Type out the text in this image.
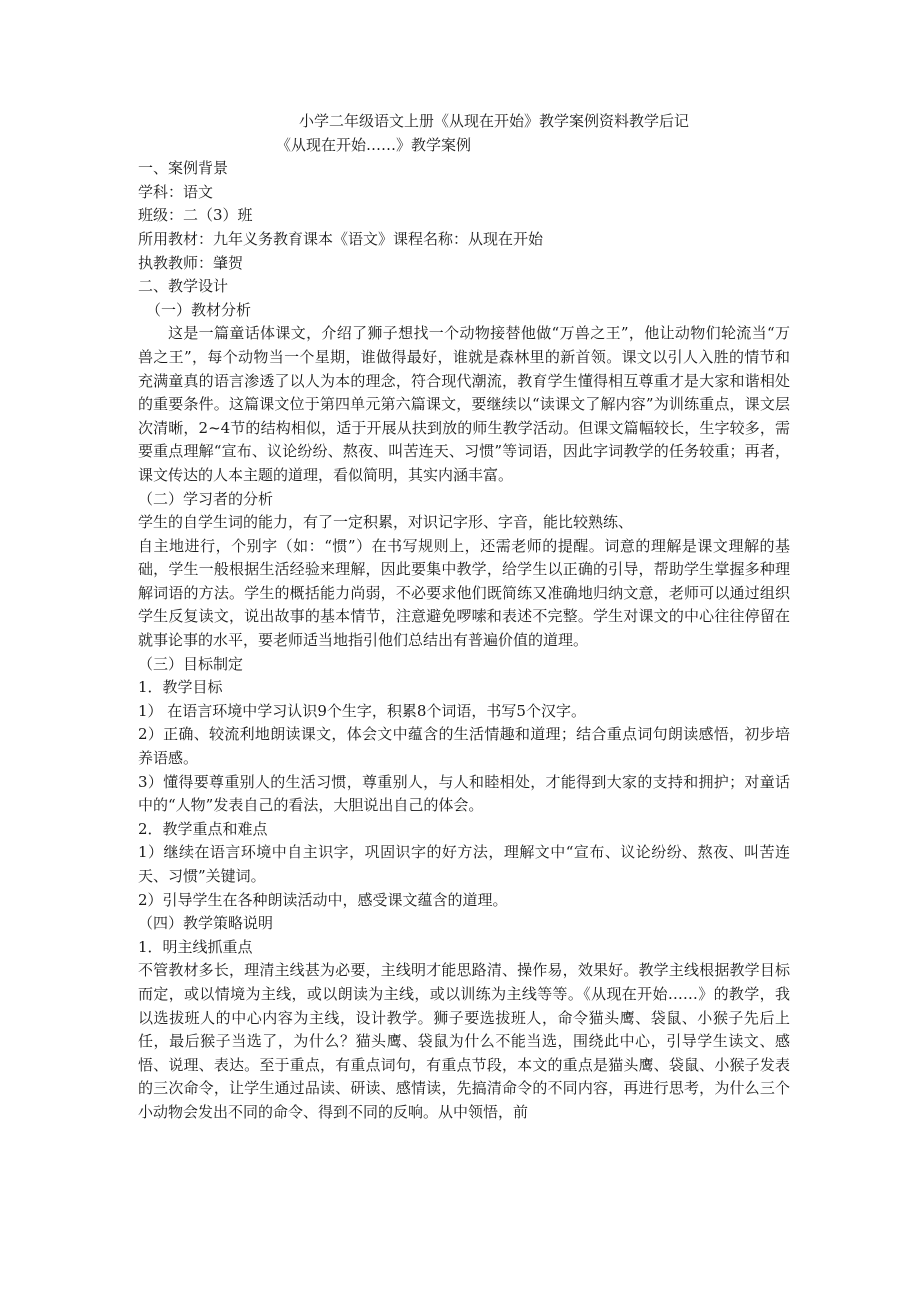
小学二年级语文上册《从现在开始》教学案例资料教学后记
《从现在开始……》教学案例
一、案例背景
学科：语文
班级：二（3）班
所用教材：九年义务教育课本《语文》课程名称：从现在开始
执教教师：肇贺
二、教学设计
（一）教材分析
这是一篇童话体课文，介绍了狮子想找一个动物接替他做“万兽之王”，他让动物们轮流当“万兽之王”，每个动物当一个星期，谁做得最好，谁就是森林里的新首领。课文以引人入胜的情节和充满童真的语言渗透了以人为本的理念，符合现代潮流，教育学生懂得相互尊重才是大家和谐相处的重要条件。这篇课文位于第四单元第六篇课文，要继续以“读课文了解内容”为训练重点，课文层次清晰，2~4节的结构相似，适于开展从扶到放的师生教学活动。但课文篇幅较长，生字较多，需要重点理解“宣布、议论纷纷、熬夜、叫苦连天、习惯”等词语，因此字词教学的任务较重；再者，课文传达的人本主题的道理，看似简明，其实内涵丰富。
（二）学习者的分析
学生的自学生词的能力，有了一定积累，对识记字形、字音，能比较熟练、
自主地进行，个别字（如：“惯”）在书写规则上，还需老师的提醒。词意的理解是课文理解的基础，学生一般根据生活经验来理解，因此要集中教学，给学生以正确的引导，帮助学生掌握多种理解词语的方法。学生的概括能力尚弱，不必要求他们既简练又准确地归纳文意，老师可以通过组织学生反复读文，说出故事的基本情节，注意避免啰嗦和表述不完整。学生对课文的中心往往停留在就事论事的水平，要老师适当地指引他们总结出有普遍价值的道理。
（三）目标制定
1．教学目标
1） 在语言环境中学习认识9个生字，积累8个词语，书写5个汉字。
2）正确、较流利地朗读课文，体会文中蕴含的生活情趣和道理；结合重点词句朗读感悟，初步培养语感。
3）懂得要尊重别人的生活习惯，尊重别人，与人和睦相处，才能得到大家的支持和拥护；对童话中的“人物”发表自己的看法，大胆说出自己的体会。
2．教学重点和难点
1）继续在语言环境中自主识字，巩固识字的好方法，理解文中“宣布、议论纷纷、熬夜、叫苦连天、习惯”关键词。
2）引导学生在各种朗读活动中，感受课文蕴含的道理。
（四）教学策略说明
1．明主线抓重点
不管教材多长，理清主线甚为必要，主线明才能思路清、操作易，效果好。教学主线根据教学目标而定，或以情境为主线，或以朗读为主线，或以训练为主线等等。《从现在开始……》的教学，我以选拔班人的中心内容为主线，设计教学。狮子要选拔班人，命令猫头鹰、袋鼠、小猴子先后上任，最后猴子当选了，为什么？猫头鹰、袋鼠为什么不能当选，围绕此中心，引导学生读文、感悟、说理、表达。至于重点，有重点词句，有重点节段，本文的重点是猫头鹰、袋鼠、小猴子发表的三次命令，让学生通过品读、研读、感情读，先搞清命令的不同内容，再进行思考，为什么三个小动物会发出不同的命令、得到不同的反响。从中领悟，前
